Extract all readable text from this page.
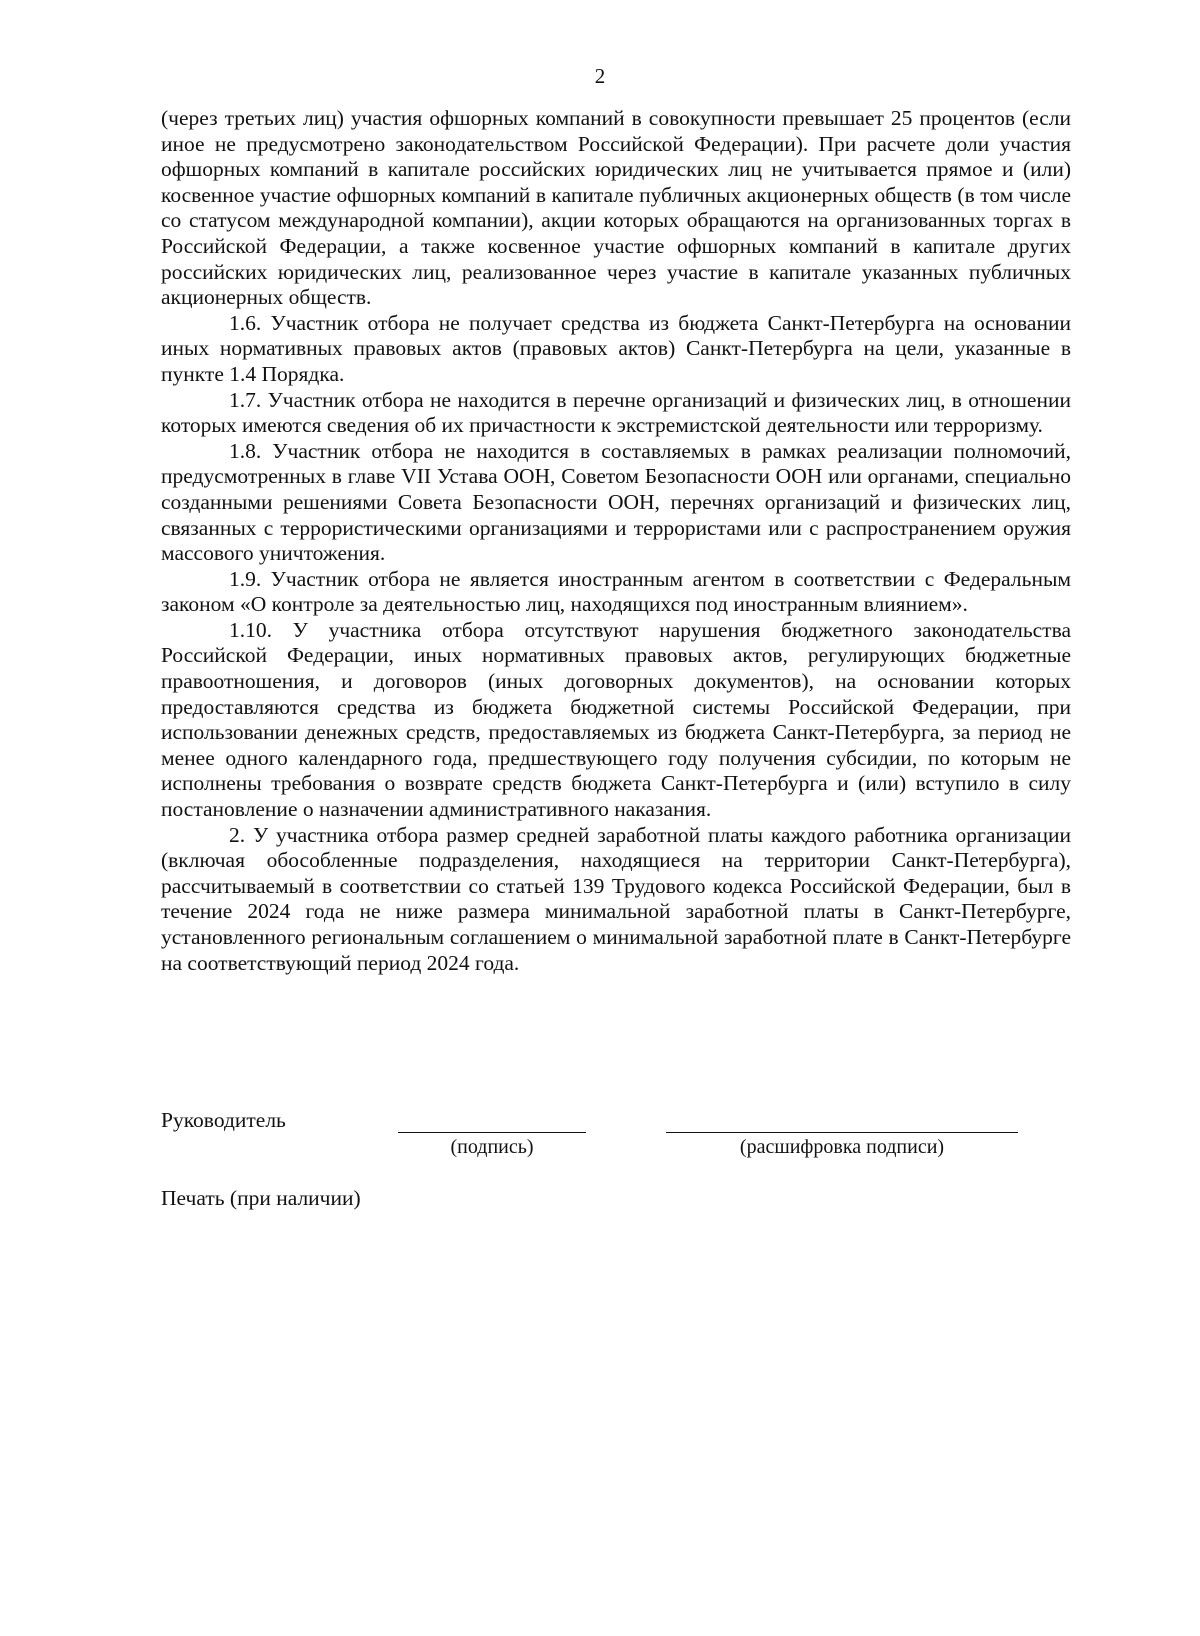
2

(через третьих лиц) участия офшорных компаний в совокупности превышает 25 процентов (если иное не предусмотрено законодательством Российской Федерации). При расчете доли участия офшорных компаний в капитале российских юридических лиц не учитывается прямое и (или) косвенное участие офшорных компаний в капитале публичных акционерных обществ (в том числе со статусом международной компании), акции которых обращаются на организованных торгах в Российской Федерации, а также косвенное участие офшорных компаний в капитале других российских юридических лиц, реализованное через участие в капитале указанных публичных акционерных обществ.

1.6. Участник отбора не получает средства из бюджета Санкт-Петербурга на основании иных нормативных правовых актов (правовых актов) Санкт-Петербурга на цели, указанные в пункте 1.4 Порядка.

1.7. Участник отбора не находится в перечне организаций и физических лиц, в отношении которых имеются сведения об их причастности к экстремистской деятельности или терроризму.

1.8. Участник отбора не находится в составляемых в рамках реализации полномочий, предусмотренных в главе VII Устава ООН, Советом Безопасности ООН или органами, специально созданными решениями Совета Безопасности ООН, перечнях организаций и физических лиц, связанных с террористическими организациями и террористами или с распространением оружия массового уничтожения.

1.9. Участник отбора не является иностранным агентом в соответствии с Федеральным законом «О контроле за деятельностью лиц, находящихся под иностранным влиянием».

1.10. У участника отбора отсутствуют нарушения бюджетного законодательства Российской Федерации, иных нормативных правовых актов, регулирующих бюджетные правоотношения, и договоров (иных договорных документов), на основании которых предоставляются средства из бюджета бюджетной системы Российской Федерации, при использовании денежных средств, предоставляемых из бюджета Санкт-Петербурга, за период не менее одного календарного года, предшествующего году получения субсидии, по которым не исполнены требования о возврате средств бюджета Санкт-Петербурга и (или) вступило в силу постановление о назначении административного наказания.

2. У участника отбора размер средней заработной платы каждого работника организации (включая обособленные подразделения, находящиеся на территории Санкт-Петербурга), рассчитываемый в соответствии со статьей 139 Трудового кодекса Российской Федерации, был в течение 2024 года не ниже размера минимальной заработной платы в Санкт-Петербурге, установленного региональным соглашением о минимальной заработной плате в Санкт-Петербурге на соответствующий период 2024 года.

Руководитель
(подпись)	(расшифровка подписи)
Печать (при наличии)
